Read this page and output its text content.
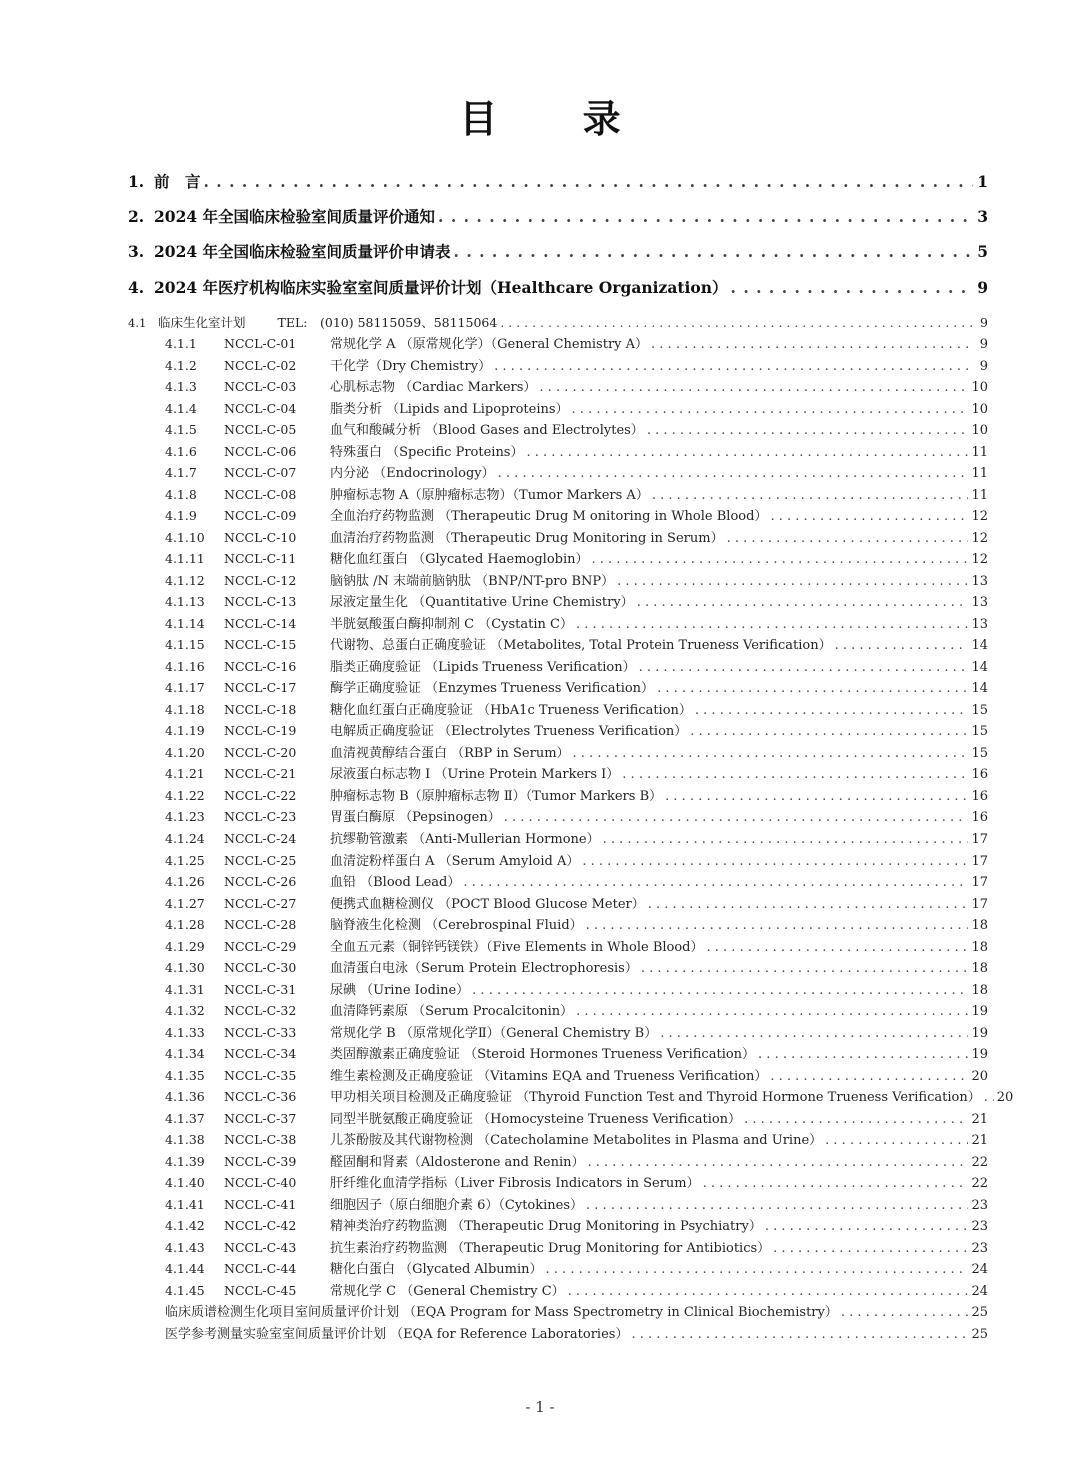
目 录
1. 前　言 . . .	1
2. 2024 年全国临床检验室间质量评价通知 . . .	3
3. 2024 年全国临床检验室间质量评价申请表 . . .	5
4. 2024 年医疗机构临床实验室室间质量评价计划（Healthcare Organization） . . .	9
4.1 临床生化室计划	TEL:　(010) 58115059、58115064 . . .	9
4.1.1	NCCL-C-01	常规化学 A （原常规化学）（General Chemistry A） . . .	9
4.1.2	NCCL-C-02	干化学（Dry Chemistry） . . .	9
4.1.3	NCCL-C-03	心肌标志物 （Cardiac Markers） . . .	10
4.1.4	NCCL-C-04	脂类分析 （Lipids and Lipoproteins） . . .	10
4.1.5	NCCL-C-05	血气和酸碱分析 （Blood Gases and Electrolytes） . . .	10
4.1.6	NCCL-C-06	特殊蛋白 （Specific Proteins） . . .	11
4.1.7	NCCL-C-07	内分泌 （Endocrinology） . . .	11
4.1.8	NCCL-C-08	肿瘤标志物 A（原肿瘤标志物）（Tumor Markers A） . . .	11
4.1.9	NCCL-C-09	全血治疗药物监测 （Therapeutic Drug M onitoring in Whole Blood） . . .	12
4.1.10	NCCL-C-10	血清治疗药物监测 （Therapeutic Drug Monitoring in Serum） . . .	12
4.1.11	NCCL-C-11	糖化血红蛋白 （Glycated Haemoglobin） . . .	12
4.1.12	NCCL-C-12	脑钠肽 /N 末端前脑钠肽 （BNP/NT-pro BNP） . . .	13
4.1.13	NCCL-C-13	尿液定量生化 （Quantitative Urine Chemistry） . . .	13
4.1.14	NCCL-C-14	半胱氨酸蛋白酶抑制剂 C （Cystatin C） . . .	13
4.1.15	NCCL-C-15	代谢物、总蛋白正确度验证 （Metabolites, Total Protein Trueness Verification） . . .	14
4.1.16	NCCL-C-16	脂类正确度验证 （Lipids Trueness Verification） . . .	14
4.1.17	NCCL-C-17	酶学正确度验证 （Enzymes Trueness Verification） . . .	14
4.1.18	NCCL-C-18	糖化血红蛋白正确度验证 （HbA1c Trueness Verification） . . .	15
4.1.19	NCCL-C-19	电解质正确度验证 （Electrolytes Trueness Verification） . . .	15
4.1.20	NCCL-C-20	血清视黄醇结合蛋白 （RBP in Serum） . . .	15
4.1.21	NCCL-C-21	尿液蛋白标志物 I （Urine Protein Markers Ⅰ） . . .	16
4.1.22	NCCL-C-22	肿瘤标志物 B（原肿瘤标志物 Ⅱ）（Tumor Markers B） . . .	16
4.1.23	NCCL-C-23	胃蛋白酶原 （Pepsinogen） . . .	16
4.1.24	NCCL-C-24	抗缪勒管激素 （Anti-Mullerian Hormone） . . .	17
4.1.25	NCCL-C-25	血清淀粉样蛋白 A （Serum Amyloid A） . . .	17
4.1.26	NCCL-C-26	血铅 （Blood Lead） . . .	17
4.1.27	NCCL-C-27	便携式血糖检测仪 （POCT Blood Glucose Meter） . . .	17
4.1.28	NCCL-C-28	脑脊液生化检测 （Cerebrospinal Fluid） . . .	18
4.1.29	NCCL-C-29	全血五元素（铜锌钙镁铁）（Five Elements in Whole Blood） . . .	18
4.1.30	NCCL-C-30	血清蛋白电泳（Serum Protein Electrophoresis） . . .	18
4.1.31	NCCL-C-31	尿碘 （Urine Iodine） . . .	18
4.1.32	NCCL-C-32	血清降钙素原 （Serum Procalcitonin） . . .	19
4.1.33	NCCL-C-33	常规化学 B （原常规化学Ⅱ）（General Chemistry B） . . .	19
4.1.34	NCCL-C-34	类固醇激素正确度验证 （Steroid Hormones Trueness Verification） . . .	19
4.1.35	NCCL-C-35	维生素检测及正确度验证 （Vitamins EQA and Trueness Verification） . . .	20
4.1.36	NCCL-C-36	甲功相关项目检测及正确度验证 （Thyroid Function Test and Thyroid Hormone Trueness Verification） . . . 20
4.1.37	NCCL-C-37	同型半胱氨酸正确度验证 （Homocysteine Trueness Verification） . . .	21
4.1.38	NCCL-C-38	儿茶酚胺及其代谢物检测 （Catecholamine Metabolites in Plasma and Urine） . . .	21
4.1.39	NCCL-C-39	醛固酮和肾素（Aldosterone and Renin） . . .	22
4.1.40	NCCL-C-40	肝纤维化血清学指标（Liver Fibrosis Indicators in Serum） . . .	22
4.1.41	NCCL-C-41	细胞因子（原白细胞介素 6）（Cytokines） . . .	23
4.1.42	NCCL-C-42	精神类治疗药物监测 （Therapeutic Drug Monitoring in Psychiatry） . . .	23
4.1.43	NCCL-C-43	抗生素治疗药物监测 （Therapeutic Drug Monitoring for Antibiotics） . . .	23
4.1.44	NCCL-C-44	糖化白蛋白 （Glycated Albumin） . . .	24
4.1.45	NCCL-C-45	常规化学 C （General Chemistry C） . . .	24
临床质谱检测生化项目室间质量评价计划 （EQA Program for Mass Spectrometry in Clinical Biochemistry） . . .	25
医学参考测量实验室室间质量评价计划 （EQA for Reference Laboratories） . . .	25
- 1 -
